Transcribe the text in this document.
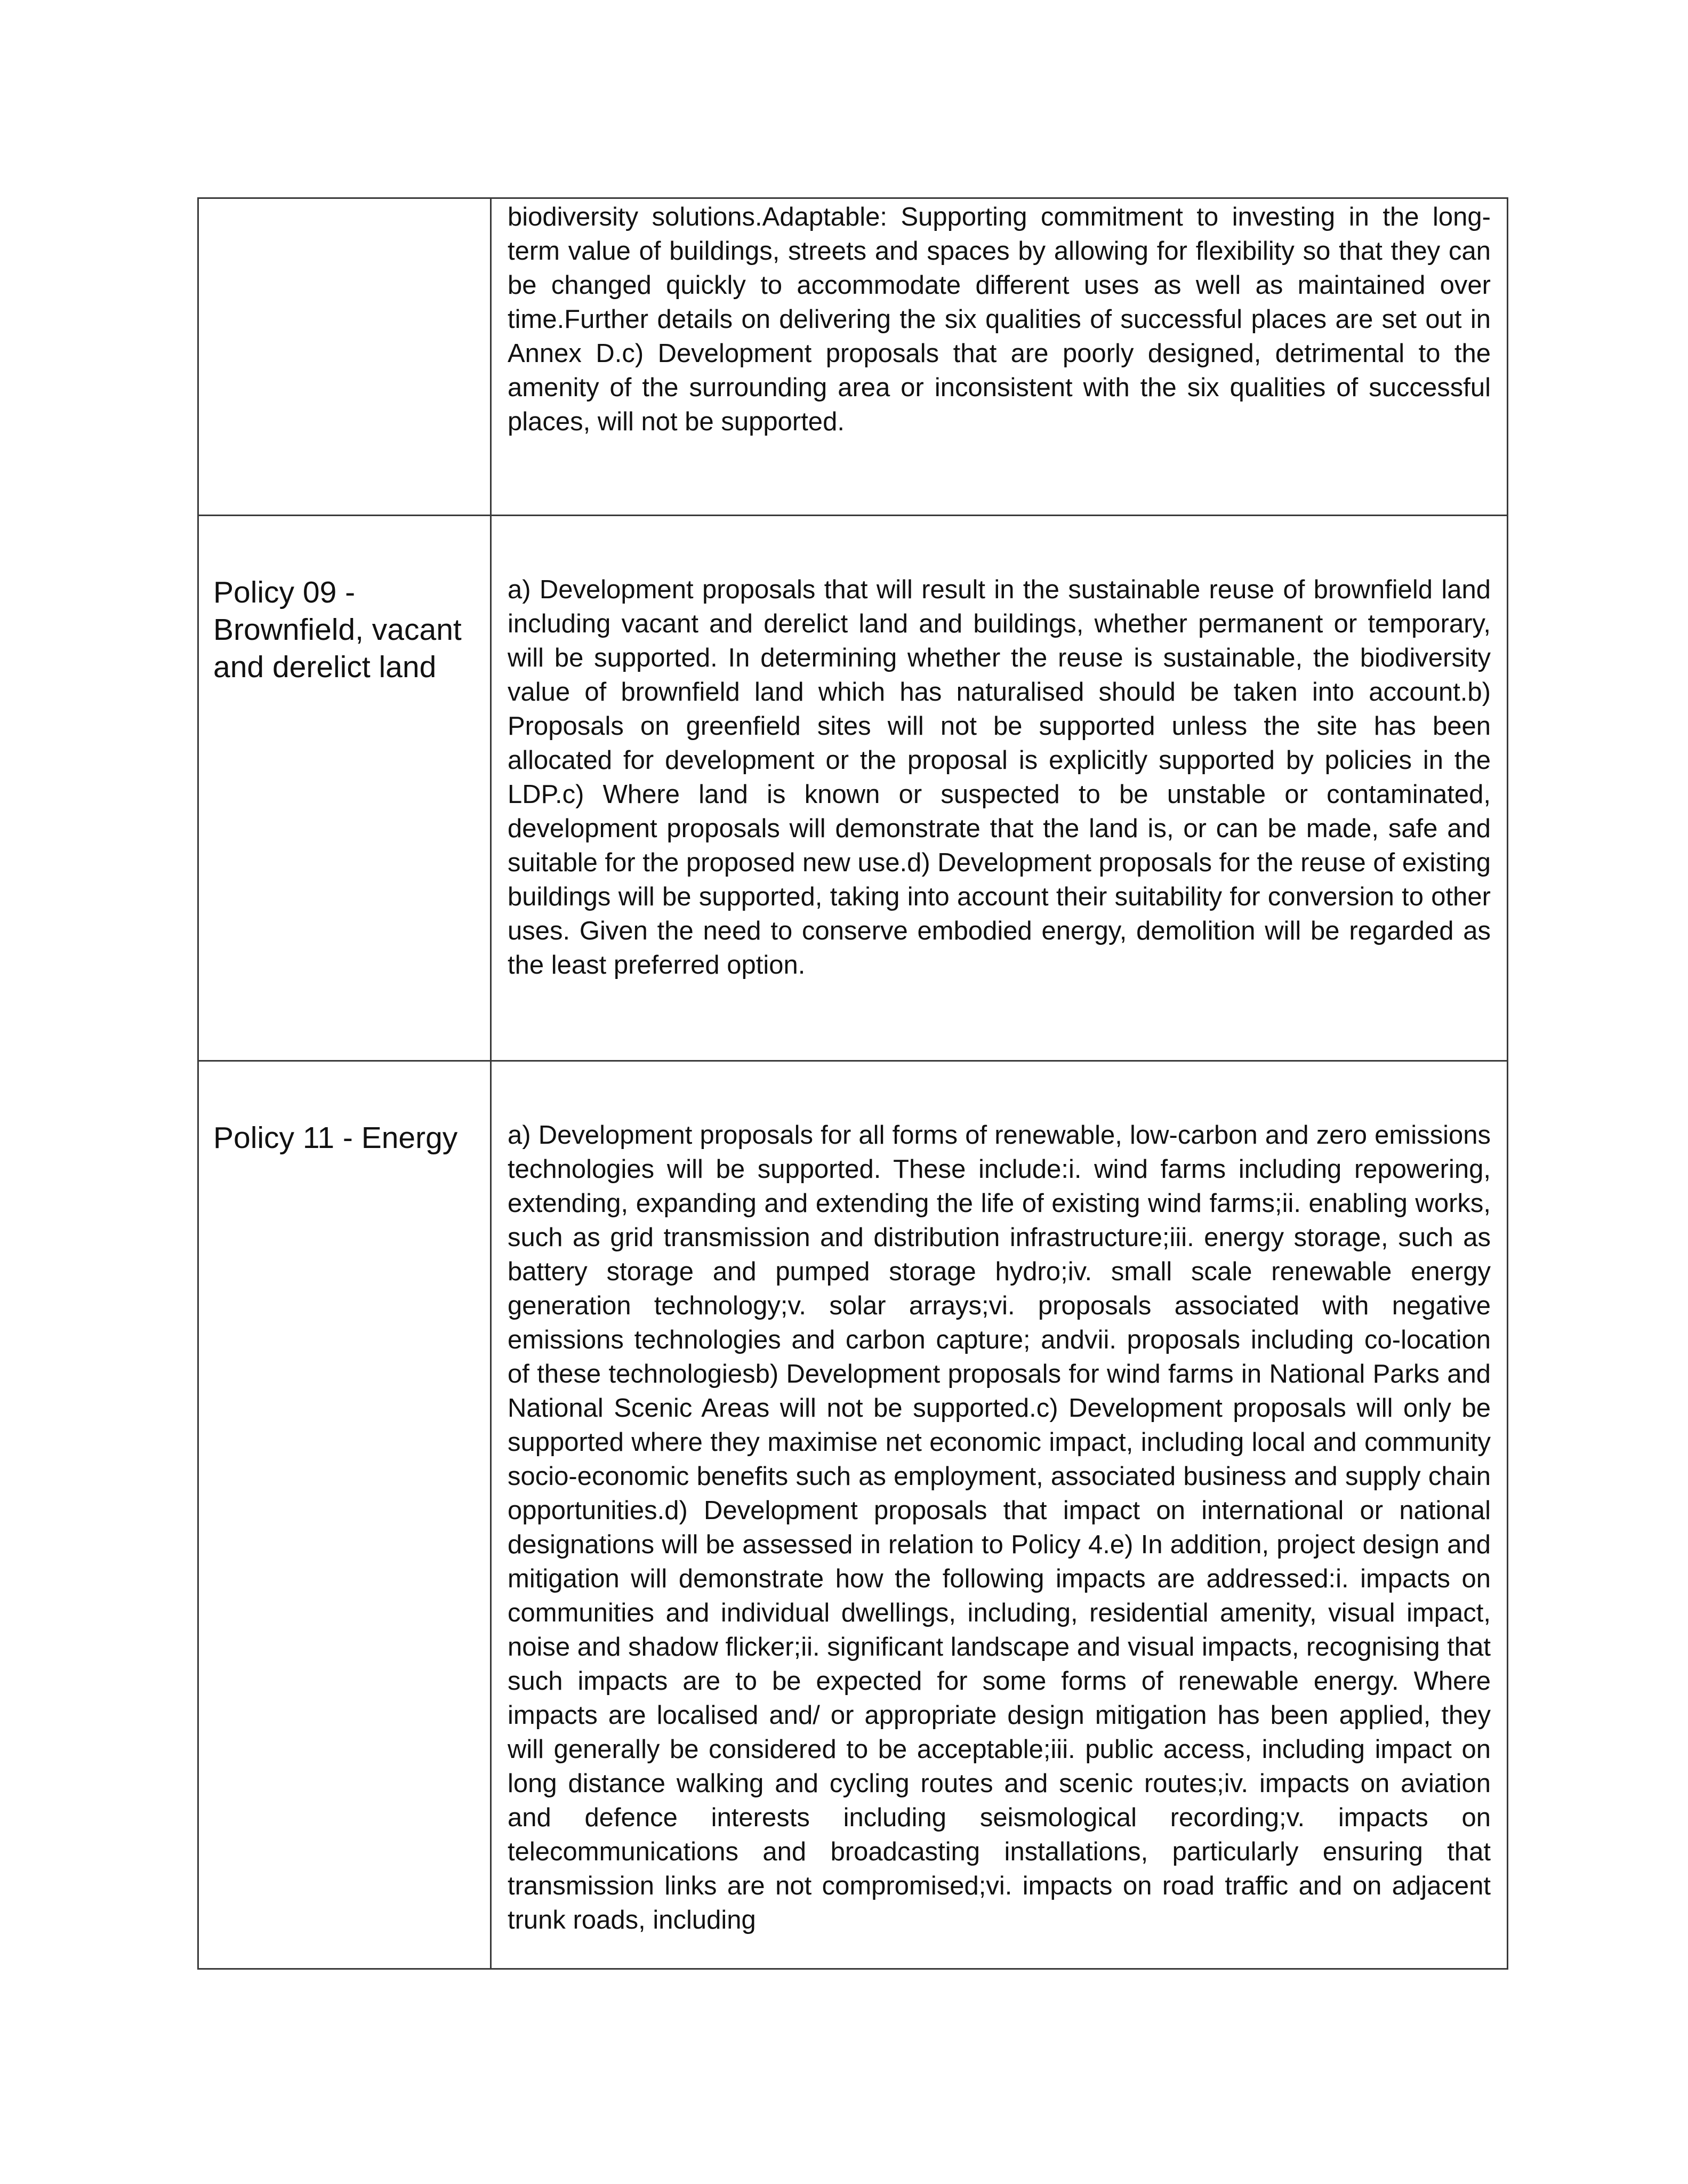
	biodiversity solutions.Adaptable: Supporting commitment to investing in the long-term value of buildings, streets and spaces by allowing for flexibility so that they can be changed quickly to accommodate different uses as well as maintained over time.Further details on delivering the six qualities of successful places are set out in Annex D.c) Development proposals that are poorly designed, detrimental to the amenity of the surrounding area or inconsistent with the six qualities of successful places, will not be supported.

Policy 09 - Brownfield, vacant and derelict land	a) Development proposals that will result in the sustainable reuse of brownfield land including vacant and derelict land and buildings, whether permanent or temporary, will be supported. In determining whether the reuse is sustainable, the biodiversity value of brownfield land which has naturalised should be taken into account.b) Proposals on greenfield sites will not be supported unless the site has been allocated for development or the proposal is explicitly supported by policies in the LDP.c) Where land is known or suspected to be unstable or contaminated, development proposals will demonstrate that the land is, or can be made, safe and suitable for the proposed new use.d) Development proposals for the reuse of existing buildings will be supported, taking into account their suitability for conversion to other uses. Given the need to conserve embodied energy, demolition will be regarded as the least preferred option.

Policy 11 - Energy	a) Development proposals for all forms of renewable, low-carbon and zero emissions technologies will be supported. These include:i. wind farms including repowering, extending, expanding and extending the life of existing wind farms;ii. enabling works, such as grid transmission and distribution infrastructure;iii. energy storage, such as battery storage and pumped storage hydro;iv. small scale renewable energy generation technology;v. solar arrays;vi. proposals associated with negative emissions technologies and carbon capture; andvii. proposals including co-location of these technologiesb) Development proposals for wind farms in National Parks and National Scenic Areas will not be supported.c) Development proposals will only be supported where they maximise net economic impact, including local and community socio-economic benefits such as employment, associated business and supply chain opportunities.d) Development proposals that impact on international or national designations will be assessed in relation to Policy 4.e) In addition, project design and mitigation will demonstrate how the following impacts are addressed:i. impacts on communities and individual dwellings, including, residential amenity, visual impact, noise and shadow flicker;ii. significant landscape and visual impacts, recognising that such impacts are to be expected for some forms of renewable energy. Where impacts are localised and/ or appropriate design mitigation has been applied, they will generally be considered to be acceptable;iii. public access, including impact on long distance walking and cycling routes and scenic routes;iv. impacts on aviation and defence interests including seismological recording;v. impacts on telecommunications and broadcasting installations, particularly ensuring that transmission links are not compromised;vi. impacts on road traffic and on adjacent trunk roads, including
